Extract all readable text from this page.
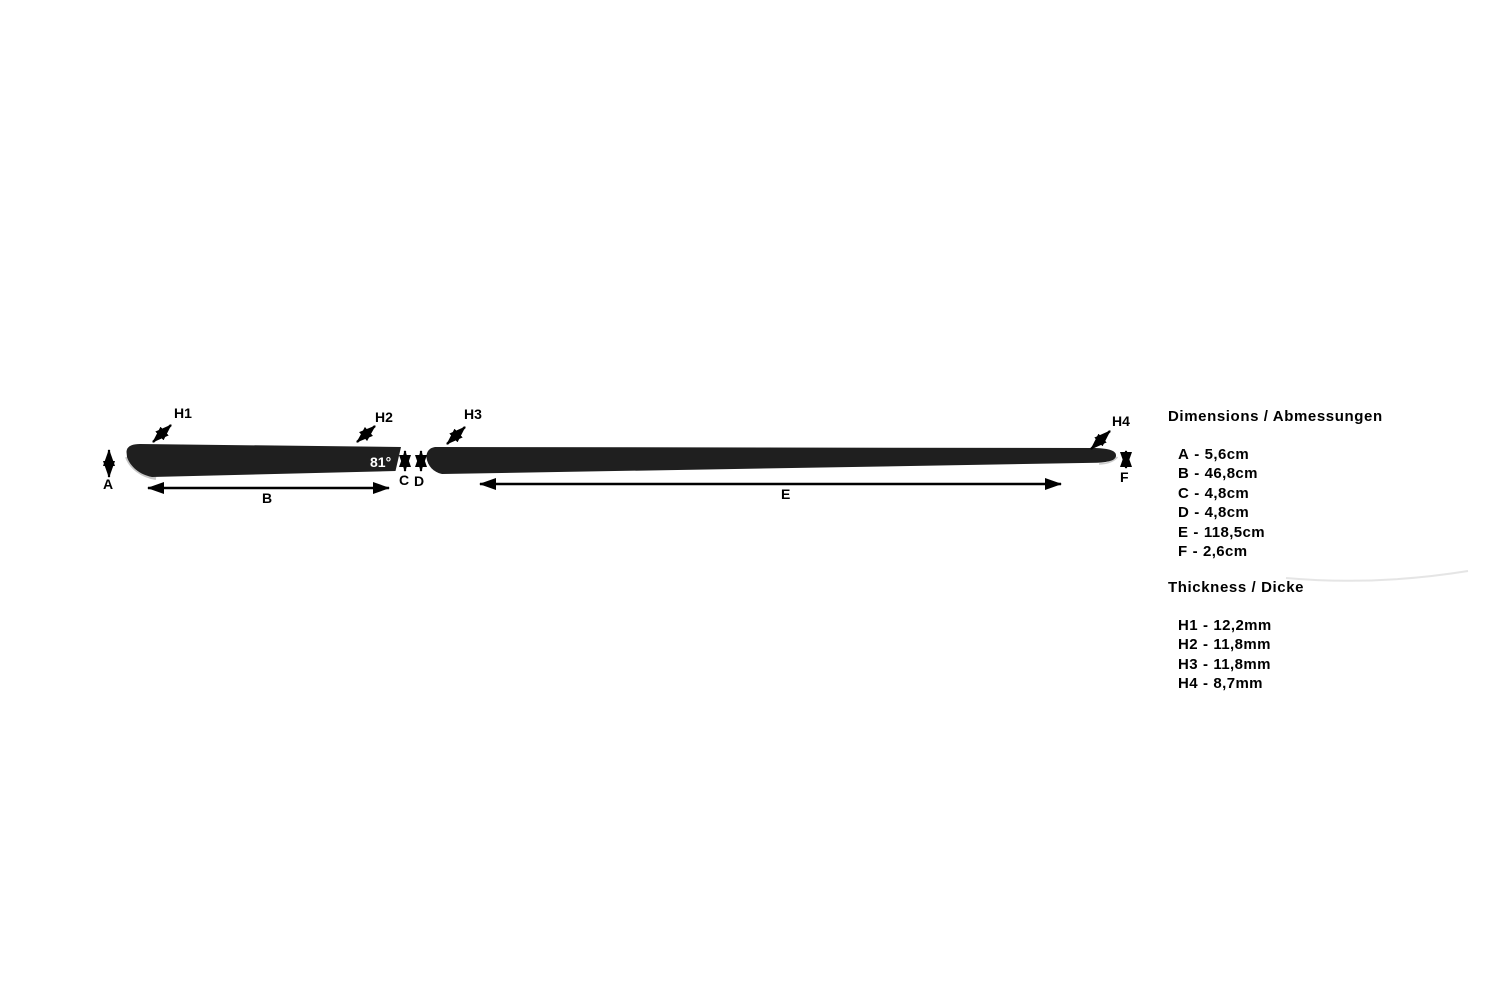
H1	H2	H3	H4
A
B
C D
E
F
81°
Dimensions / Abmessungen
A - 5,6cm
B - 46,8cm
C - 4,8cm
D - 4,8cm
E - 118,5cm
F - 2,6cm
Thickness / Dicke
H1 - 12,2mm
H2 - 11,8mm
H3 - 11,8mm
H4 - 8,7mm
